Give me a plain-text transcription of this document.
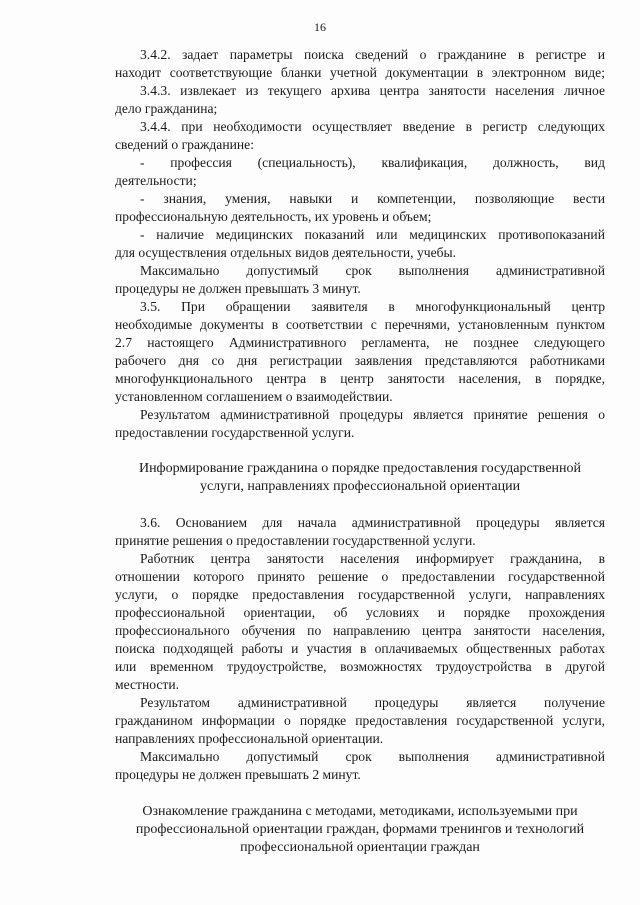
16
3.4.2. задает параметры поиска сведений о гражданине в регистре и
находит соответствующие бланки учетной документации в электронном виде;
3.4.3. извлекает из текущего архива центра занятости населения личное
дело гражданина;
3.4.4. при необходимости осуществляет введение в регистр следующих
сведений о гражданине:
- профессия (специальность), квалификация, должность, вид
деятельности;
- знания, умения, навыки и компетенции, позволяющие вести
профессиональную деятельность, их уровень и объем;
- наличие медицинских показаний или медицинских противопоказаний
для осуществления отдельных видов деятельности, учебы.
Максимально допустимый срок выполнения административной
процедуры не должен превышать 3 минут.
3.5. При обращении заявителя в многофункциональный центр
необходимые документы в соответствии с перечнями, установленным пунктом
2.7 настоящего Административного регламента, не позднее следующего
рабочего дня со дня регистрации заявления представляются работниками
многофункционального центра в центр занятости населения, в порядке,
установленном соглашением о взаимодействии.
Результатом административной процедуры является принятие решения о
предоставлении государственной услуги.
Информирование гражданина о порядке предоставления государственной
услуги, направлениях профессиональной ориентации
3.6. Основанием для начала административной процедуры является
принятие решения о предоставлении государственной услуги.
Работник центра занятости населения информирует гражданина, в
отношении которого принято решение о предоставлении государственной
услуги, о порядке предоставления государственной услуги, направлениях
профессиональной ориентации, об условиях и порядке прохождения
профессионального обучения по направлению центра занятости населения,
поиска подходящей работы и участия в оплачиваемых общественных работах
или временном трудоустройстве, возможностях трудоустройства в другой
местности.
Результатом административной процедуры является получение
гражданином информации о порядке предоставления государственной услуги,
направлениях профессиональной ориентации.
Максимально допустимый срок выполнения административной
процедуры не должен превышать 2 минут.
Ознакомление гражданина с методами, методиками, используемыми при
профессиональной ориентации граждан, формами тренингов и технологий
профессиональной ориентации граждан
